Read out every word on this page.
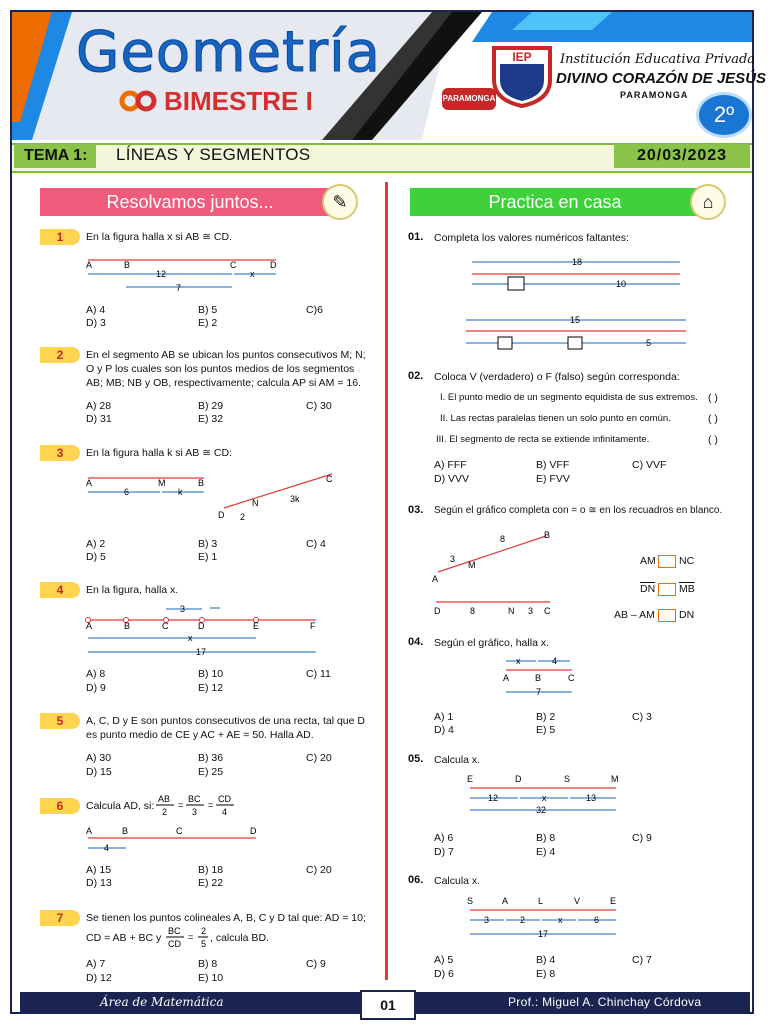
Geometría
BIMESTRE I	PARAMONGA
IEP Institución Educativa Privada
DIVINO CORAZÓN DE JESÚS
PARAMONGA
2º
TEMA 1:	LÍNEAS Y SEGMENTOS	20/03/2023
Resolvamos juntos...	✎
1	En la figura halla x si AB ≅ CD.
A	B	C	D
12	x
7
A) 4	B) 5	C)6
D) 3	E) 2
2	En el segmento AB se ubican los puntos consecutivos M; N; O y P los cuales son los puntos medios de los segmentos AB; MB; NB y OB, respectivamente; calcula AP si AM = 16.
A) 28	B) 29	C) 30
D) 31	E) 32
3	En la figura halla k si AB ≅ CD:
A	M	B
6	k
C
N
D
3k
2
A) 2	B) 3	C) 4
D) 5	E) 1
4	En la figura, halla x.
3
A	B	C	D	E	F
x
17
A) 8	B) 10	C) 11
D) 9	E) 12
5	A, C, D y E son puntos consecutivos de una recta, tal que D es punto medio de CE y AC + AE = 50. Halla AD.
A) 30	B) 36	C) 20
D) 15	E) 25
6	Calcula AD, si:
AB
2
=
BC
3
=
CD
4
A	B	C	D
4
A) 15	B) 18	C) 20
D) 13	E) 22
7	Se tienen los puntos colineales A, B, C y D tal que: AD = 10;
CD = AB + BC y
BC
CD
=
2
5 , calcula BD.
A) 7	B) 8	C) 9
D) 12	E) 10
Practica en casa	⌂
01. Completa los valores numéricos faltantes:
18
10
15
5
02. Coloca V (verdadero) o F (falso) según corresponda:
I. El punto medio de un segmento equidista de sus extremos. ( )
II. Las rectas paralelas tienen un solo punto en común.	( )
III. El segmento de recta se extiende infinitamente.	( )
A) FFF	B) VFF	C) VVF
D) VVV	E) FVV
03. Según el gráfico completa con = o ≅ en los recuadros en blanco.
B
8
3
M
A
D	8	N 3 C
AM NC
$\overline{DN}$ $\overline{MB}$
AB – AM DN
04. Según el gráfico, halla x.
x	4
A	B	C
7
A) 1	B) 2	C) 3
D) 4	E) 5
05. Calcula x.
E	D	S	M
12	x	13
32
A) 6	B) 8	C) 9
D) 7	E) 4
06. Calcula x.
S	A	L	V	E
3	2	x	6
17
A) 5	B) 4	C) 7
D) 6	E) 8
Área de Matemática	01	Prof.: Miguel A. Chinchay Córdova
